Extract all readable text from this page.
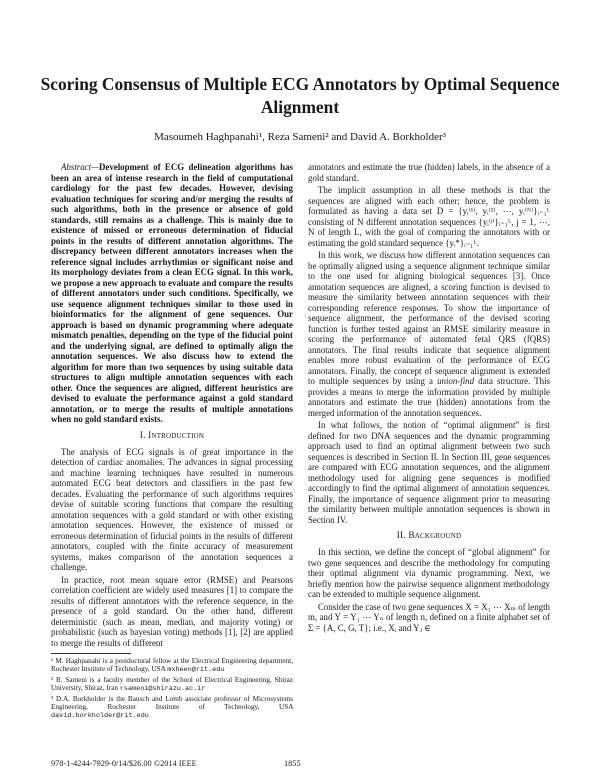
Scoring Consensus of Multiple ECG Annotators by Optimal Sequence Alignment
Masoumeh Haghpanahi¹, Reza Sameni² and David A. Borkholder³

Abstract—Development of ECG delineation algorithms has been an area of intense research in the field of computational cardiology for the past few decades. However, devising evaluation techniques for scoring and/or merging the results of such algorithms, both in the presence or absence of gold standards, still remains as a challenge. This is mainly due to existence of missed or erroneous determination of fiducial points in the results of different annotation algorithms. The discrepancy between different annotators increases when the reference signal includes arrhythmias or significant noise and its morphology deviates from a clean ECG signal. In this work, we propose a new approach to evaluate and compare the results of different annotators under such conditions. Specifically, we use sequence alignment techniques similar to those used in bioinformatics for the alignment of gene sequences. Our approach is based on dynamic programming where adequate mismatch penalties, depending on the type of the fiducial point and the underlying signal, are defined to optimally align the annotation sequences. We also discuss how to extend the algorithm for more than two sequences by using suitable data structures to align multiple annotation sequences with each other. Once the sequences are aligned, different heuristics are devised to evaluate the performance against a gold standard annotation, or to merge the results of multiple annotations when no gold standard exists.

I. Introduction

The analysis of ECG signals is of great importance in the detection of cardiac anomalies. The advances in signal processing and machine learning techniques have resulted in numerous automated ECG beat detectors and classifiers in the past few decades. Evaluating the performance of such algorithms requires devise of suitable scoring functions that compare the resulting annotation sequences with a gold standard or with other existing annotation sequences. However, the existence of missed or erroneous determination of fiducial points in the results of different annotators, coupled with the finite accuracy of measurement systems, makes comparison of the annotation sequences a challenge.

In practice, root mean square error (RMSE) and Pearsons correlation coefficient are widely used measures [1] to compare the results of different annotators with the reference sequence, in the presence of a gold standard. On the other hand, different deterministic (such as mean, median, and majority voting) or probabilistic (such as bayesian voting) methods [1], [2] are applied to merge the results of different

¹ M. Haghpanahi is a postdoctoral fellow at the Electrical Engineering department, Rochester Institute of Technology, USA mxheen@rit.edu

² R. Sameni is a faculty member of the School of Electrical Engineering, Shiraz University, Shiraz, Iran rsameni@shirazu.ac.ir

³ D.A. Borkholder is the Bausch and Lomb associate professor of Microsystems Engineering, Rochester Institute of Technology, USA david.borkholder@rit.edu

annotators and estimate the true (hidden) labels, in the absence of a gold standard.

The implicit assumption in all these methods is that the sequences are aligned with each other; hence, the problem is formulated as having a data set D = {yᵢ⁽¹⁾, yᵢ⁽²⁾, ⋯, yᵢ⁽ᴺ⁾}ᵢ₌₁ᴸ consisting of N different annotation sequences {yᵢ⁽ʲ⁾}ᵢ₌₁ᴸ, j = 1, ⋯, N of length L, with the goal of comparing the annotators with or estimating the gold standard sequence {yᵢ*}ᵢ₌₁ᴸ.

In this work, we discuss how different annotation sequences can be optimally aligned using a sequence alignment technique similar to the one used for aligning biological sequences [3]. Once annotation sequences are aligned, a scoring function is devised to measure the similarity between annotation sequences with their corresponding reference responses. To show the importance of sequence alignment, the performance of the devised scoring function is further tested against an RMSE similarity measure in scoring the performance of automated fetal QRS (fQRS) annotators. The final results indicate that sequence alignment enables more robust evaluation of the performance of ECG annotators. Finally, the concept of sequence alignment is extended to multiple sequences by using a union-find data structure. This provides a means to merge the information provided by multiple annotators and estimate the true (hidden) annotations from the merged information of the annotation sequences.

In what follows, the notion of “optimal alignment” is first defined for two DNA sequences and the dynamic programming approach used to find an optimal alignment between two such sequences is described in Section II. In Section III, gene sequences are compared with ECG annotation sequences, and the alignment methodology used for aligning gene sequences is modified accordingly to find the optimal alignment of annotation sequences. Finally, the importance of sequence alignment prior to measuring the similarity between multiple annotation sequences is shown in Section IV.

II. Background

In this section, we define the concept of “global alignment” for two gene sequences and describe the methodology for computing their optimal alignment via dynamic programming. Next, we briefly mention how the pairwise sequence alignment methodology can be extended to multiple sequence alignment.

Consider the case of two gene sequences X = X₁ ⋯ Xₘ of length m, and Y = Y₁ ⋯ Yₙ of length n, defined on a finite alphabet set of Σ = {A, C, G, T}; i.e., Xᵢ and Yⱼ ∈

978-1-4244-7929-0/14/$26.00 ©2014 IEEE	1855
